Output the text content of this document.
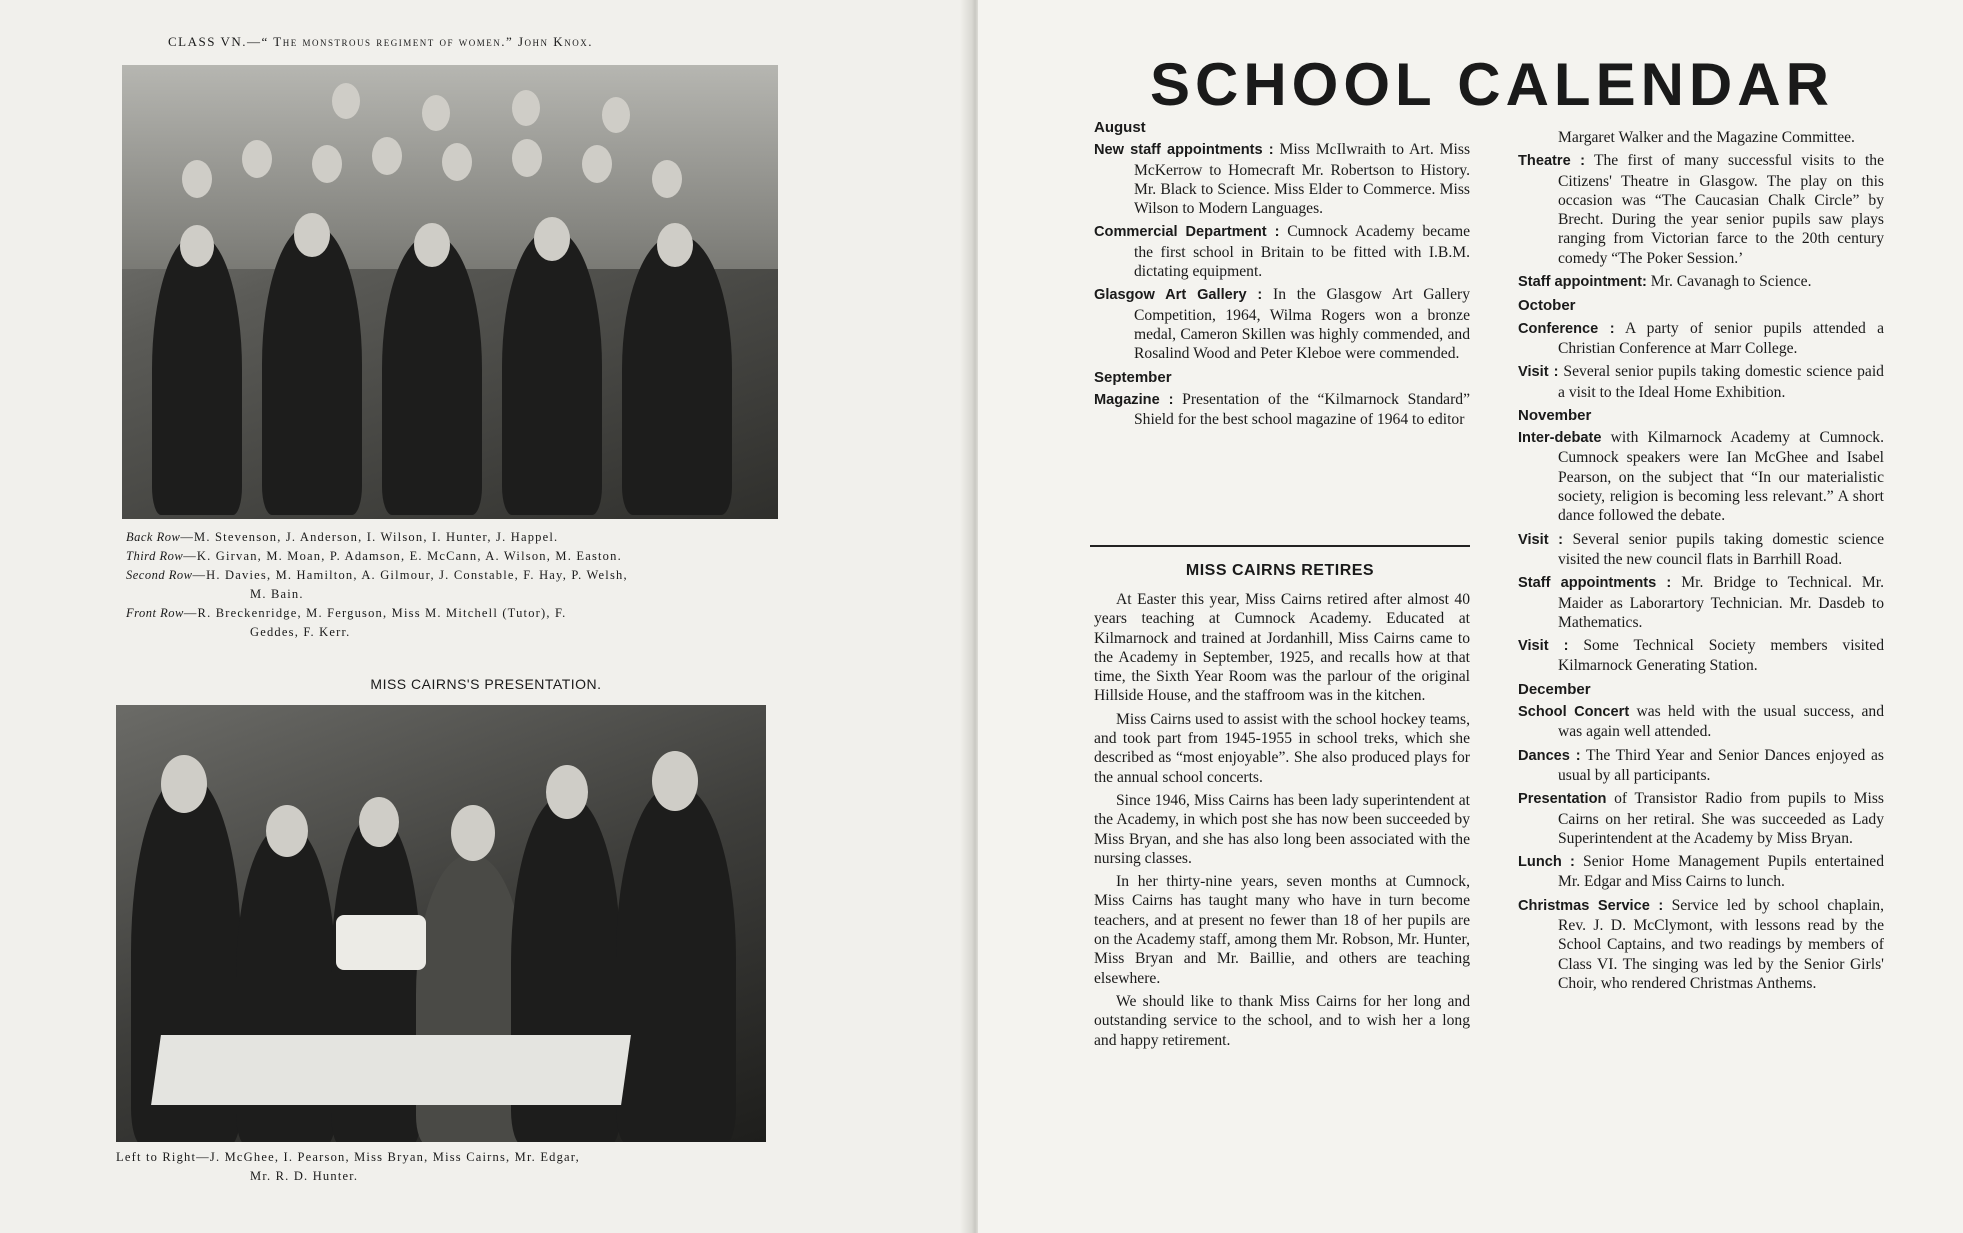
CLASS VN.—“ The monstrous regiment of women.” John Knox.
Back Row—M. Stevenson, J. Anderson, I. Wilson, I. Hunter, J. Happel.
Third Row—K. Girvan, M. Moan, P. Adamson, E. McCann, A. Wilson, M. Easton.
Second Row—H. Davies, M. Hamilton, A. Gilmour, J. Constable, F. Hay, P. Welsh,
M. Bain.
Front Row—R. Breckenridge, M. Ferguson, Miss M. Mitchell (Tutor), F.
Geddes, F. Kerr.
MISS CAIRNS'S PRESENTATION.
Left to Right—J. McGhee, I. Pearson, Miss Bryan, Miss Cairns, Mr. Edgar,
Mr. R. D. Hunter.
SCHOOL CALENDAR
August

New staff appointments : Miss McIlwraith to Art. Miss McKerrow to Homecraft Mr. Robertson to History. Mr. Black to Science. Miss Elder to Commerce. Miss Wilson to Modern Languages.

Commercial Department : Cumnock Academy became the first school in Britain to be fitted with I.B.M. dictating equipment.

Glasgow Art Gallery : In the Glasgow Art Gallery Competition, 1964, Wilma Rogers won a bronze medal, Cameron Skillen was highly commended, and Rosalind Wood and Peter Kleboe were commended.

September

Magazine : Presentation of the “Kilmarnock Standard” Shield for the best school magazine of 1964 to editor

MISS CAIRNS RETIRES

At Easter this year, Miss Cairns retired after almost 40 years teaching at Cumnock Academy. Educated at Kilmarnock and trained at Jordanhill, Miss Cairns came to the Academy in September, 1925, and recalls how at that time, the Sixth Year Room was the parlour of the original Hillside House, and the staffroom was in the kitchen.

Miss Cairns used to assist with the school hockey teams, and took part from 1945-1955 in school treks, which she described as “most enjoyable”. She also produced plays for the annual school concerts.

Since 1946, Miss Cairns has been lady superintendent at the Academy, in which post she has now been succeeded by Miss Bryan, and she has also long been associated with the nursing classes.

In her thirty-nine years, seven months at Cumnock, Miss Cairns has taught many who have in turn become teachers, and at present no fewer than 18 of her pupils are on the Academy staff, among them Mr. Robson, Mr. Hunter, Miss Bryan and Mr. Baillie, and others are teaching elsewhere.

We should like to thank Miss Cairns for her long and outstanding service to the school, and to wish her a long and happy retirement.

Margaret Walker and the Magazine Committee.

Theatre : The first of many successful visits to the Citizens' Theatre in Glasgow. The play on this occasion was “The Caucasian Chalk Circle” by Brecht. During the year senior pupils saw plays ranging from Victorian farce to the 20th century comedy “The Poker Session.’

Staff appointment: Mr. Cavanagh to Science.

October

Conference : A party of senior pupils attended a Christian Conference at Marr College.

Visit : Several senior pupils taking domestic science paid a visit to the Ideal Home Exhibition.

November

Inter-debate with Kilmarnock Academy at Cumnock. Cumnock speakers were Ian McGhee and Isabel Pearson, on the subject that “In our materialistic society, religion is becoming less relevant.” A short dance followed the debate.

Visit : Several senior pupils taking domestic science visited the new council flats in Barrhill Road.

Staff appointments : Mr. Bridge to Technical. Mr. Maider as Laborartory Technician. Mr. Dasdeb to Mathematics.

Visit : Some Technical Society members visited Kilmarnock Generating Station.

December

School Concert was held with the usual success, and was again well attended.

Dances : The Third Year and Senior Dances enjoyed as usual by all participants.

Presentation of Transistor Radio from pupils to Miss Cairns on her retiral. She was succeeded as Lady Superintendent at the Academy by Miss Bryan.

Lunch : Senior Home Management Pupils entertained Mr. Edgar and Miss Cairns to lunch.

Christmas Service : Service led by school chaplain, Rev. J. D. McClymont, with lessons read by the School Captains, and two readings by members of Class VI. The singing was led by the Senior Girls' Choir, who rendered Christmas Anthems.
